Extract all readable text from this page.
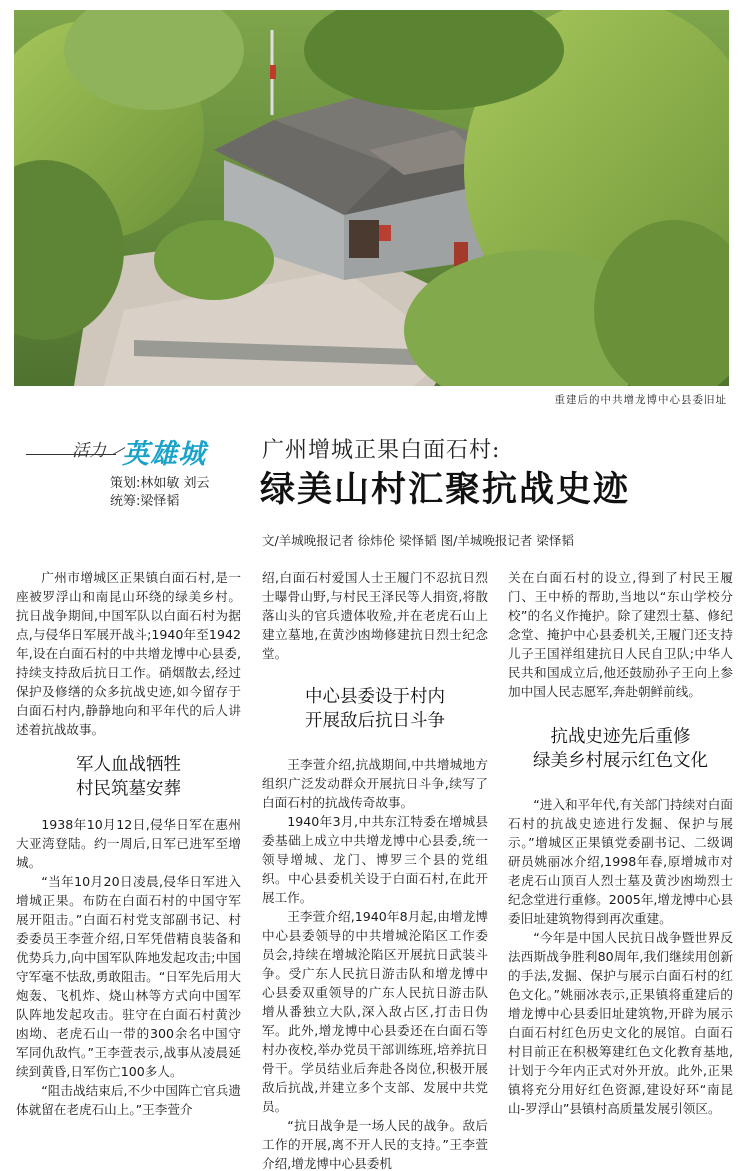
重建后的中共增龙博中心县委旧址
活力 英雄城
策划:林如敏 刘云
统筹:梁怿韬
广州增城正果白面石村:
绿美山村汇聚抗战史迹
文/羊城晚报记者 徐炜伦 梁怿韬 图/羊城晚报记者 梁怿韬

广州市增城区正果镇白面石村,是一座被罗浮山和南昆山环绕的绿美乡村。抗日战争期间,中国军队以白面石村为据点,与侵华日军展开战斗;1940年至1942年,设在白面石村的中共增龙博中心县委,持续支持敌后抗日工作。硝烟散去,经过保护及修缮的众多抗战史迹,如今留存于白面石村内,静静地向和平年代的后人讲述着抗战故事。

军人血战牺牲
村民筑墓安葬

1938年10月12日,侵华日军在惠州大亚湾登陆。约一周后,日军已进军至增城。

“当年10月20日凌晨,侵华日军进入增城正果。布防在白面石村的中国守军展开阻击。”白面石村党支部副书记、村委委员王李萱介绍,日军凭借精良装备和优势兵力,向中国军队阵地发起攻击;中国守军毫不怯敌,勇敢阻击。“日军先后用大炮轰、飞机炸、烧山林等方式向中国军队阵地发起攻击。驻守在白面石村黄沙凼坳、老虎石山一带的300余名中国守军同仇敌忾。”王李萱表示,战事从凌晨延续到黄昏,日军伤亡100多人。

“阻击战结束后,不少中国阵亡官兵遗体就留在老虎石山上。”王李萱介

绍,白面石村爱国人士王履门不忍抗日烈士曝骨山野,与村民王泽民等人捐资,将散落山头的官兵遗体收殓,并在老虎石山上建立墓地,在黄沙凼坳修建抗日烈士纪念堂。

中心县委设于村内
开展敌后抗日斗争

王李萱介绍,抗战期间,中共增城地方组织广泛发动群众开展抗日斗争,续写了白面石村的抗战传奇故事。

1940年3月,中共东江特委在增城县委基础上成立中共增龙博中心县委,统一领导增城、龙门、博罗三个县的党组织。中心县委机关设于白面石村,在此开展工作。

王李萱介绍,1940年8月起,由增龙博中心县委领导的中共增城沦陷区工作委员会,持续在增城沦陷区开展抗日武装斗争。受广东人民抗日游击队和增龙博中心县委双重领导的广东人民抗日游击队增从番独立大队,深入敌占区,打击日伪军。此外,增龙博中心县委还在白面石等村办夜校,举办党员干部训练班,培养抗日骨干。学员结业后奔赴各岗位,积极开展敌后抗战,并建立多个支部、发展中共党员。

“抗日战争是一场人民的战争。敌后工作的开展,离不开人民的支持。”王李萱介绍,增龙博中心县委机

关在白面石村的设立,得到了村民王履门、王中桥的帮助,当地以“东山学校分校”的名义作掩护。除了建烈士墓、修纪念堂、掩护中心县委机关,王履门还支持儿子王国祥组建抗日人民自卫队;中华人民共和国成立后,他还鼓励孙子王向上参加中国人民志愿军,奔赴朝鲜前线。

抗战史迹先后重修
绿美乡村展示红色文化

“进入和平年代,有关部门持续对白面石村的抗战史迹进行发掘、保护与展示。”增城区正果镇党委副书记、二级调研员姚丽冰介绍,1998年春,原增城市对老虎石山顶百人烈士墓及黄沙凼坳烈士纪念堂进行重修。2005年,增龙博中心县委旧址建筑物得到再次重建。

“今年是中国人民抗日战争暨世界反法西斯战争胜利80周年,我们继续用创新的手法,发掘、保护与展示白面石村的红色文化。”姚丽冰表示,正果镇将重建后的增龙博中心县委旧址建筑物,开辟为展示白面石村红色历史文化的展馆。白面石村目前正在积极筹建红色文化教育基地,计划于今年内正式对外开放。此外,正果镇将充分用好红色资源,建设好环“南昆山-罗浮山”县镇村高质量发展引领区。
